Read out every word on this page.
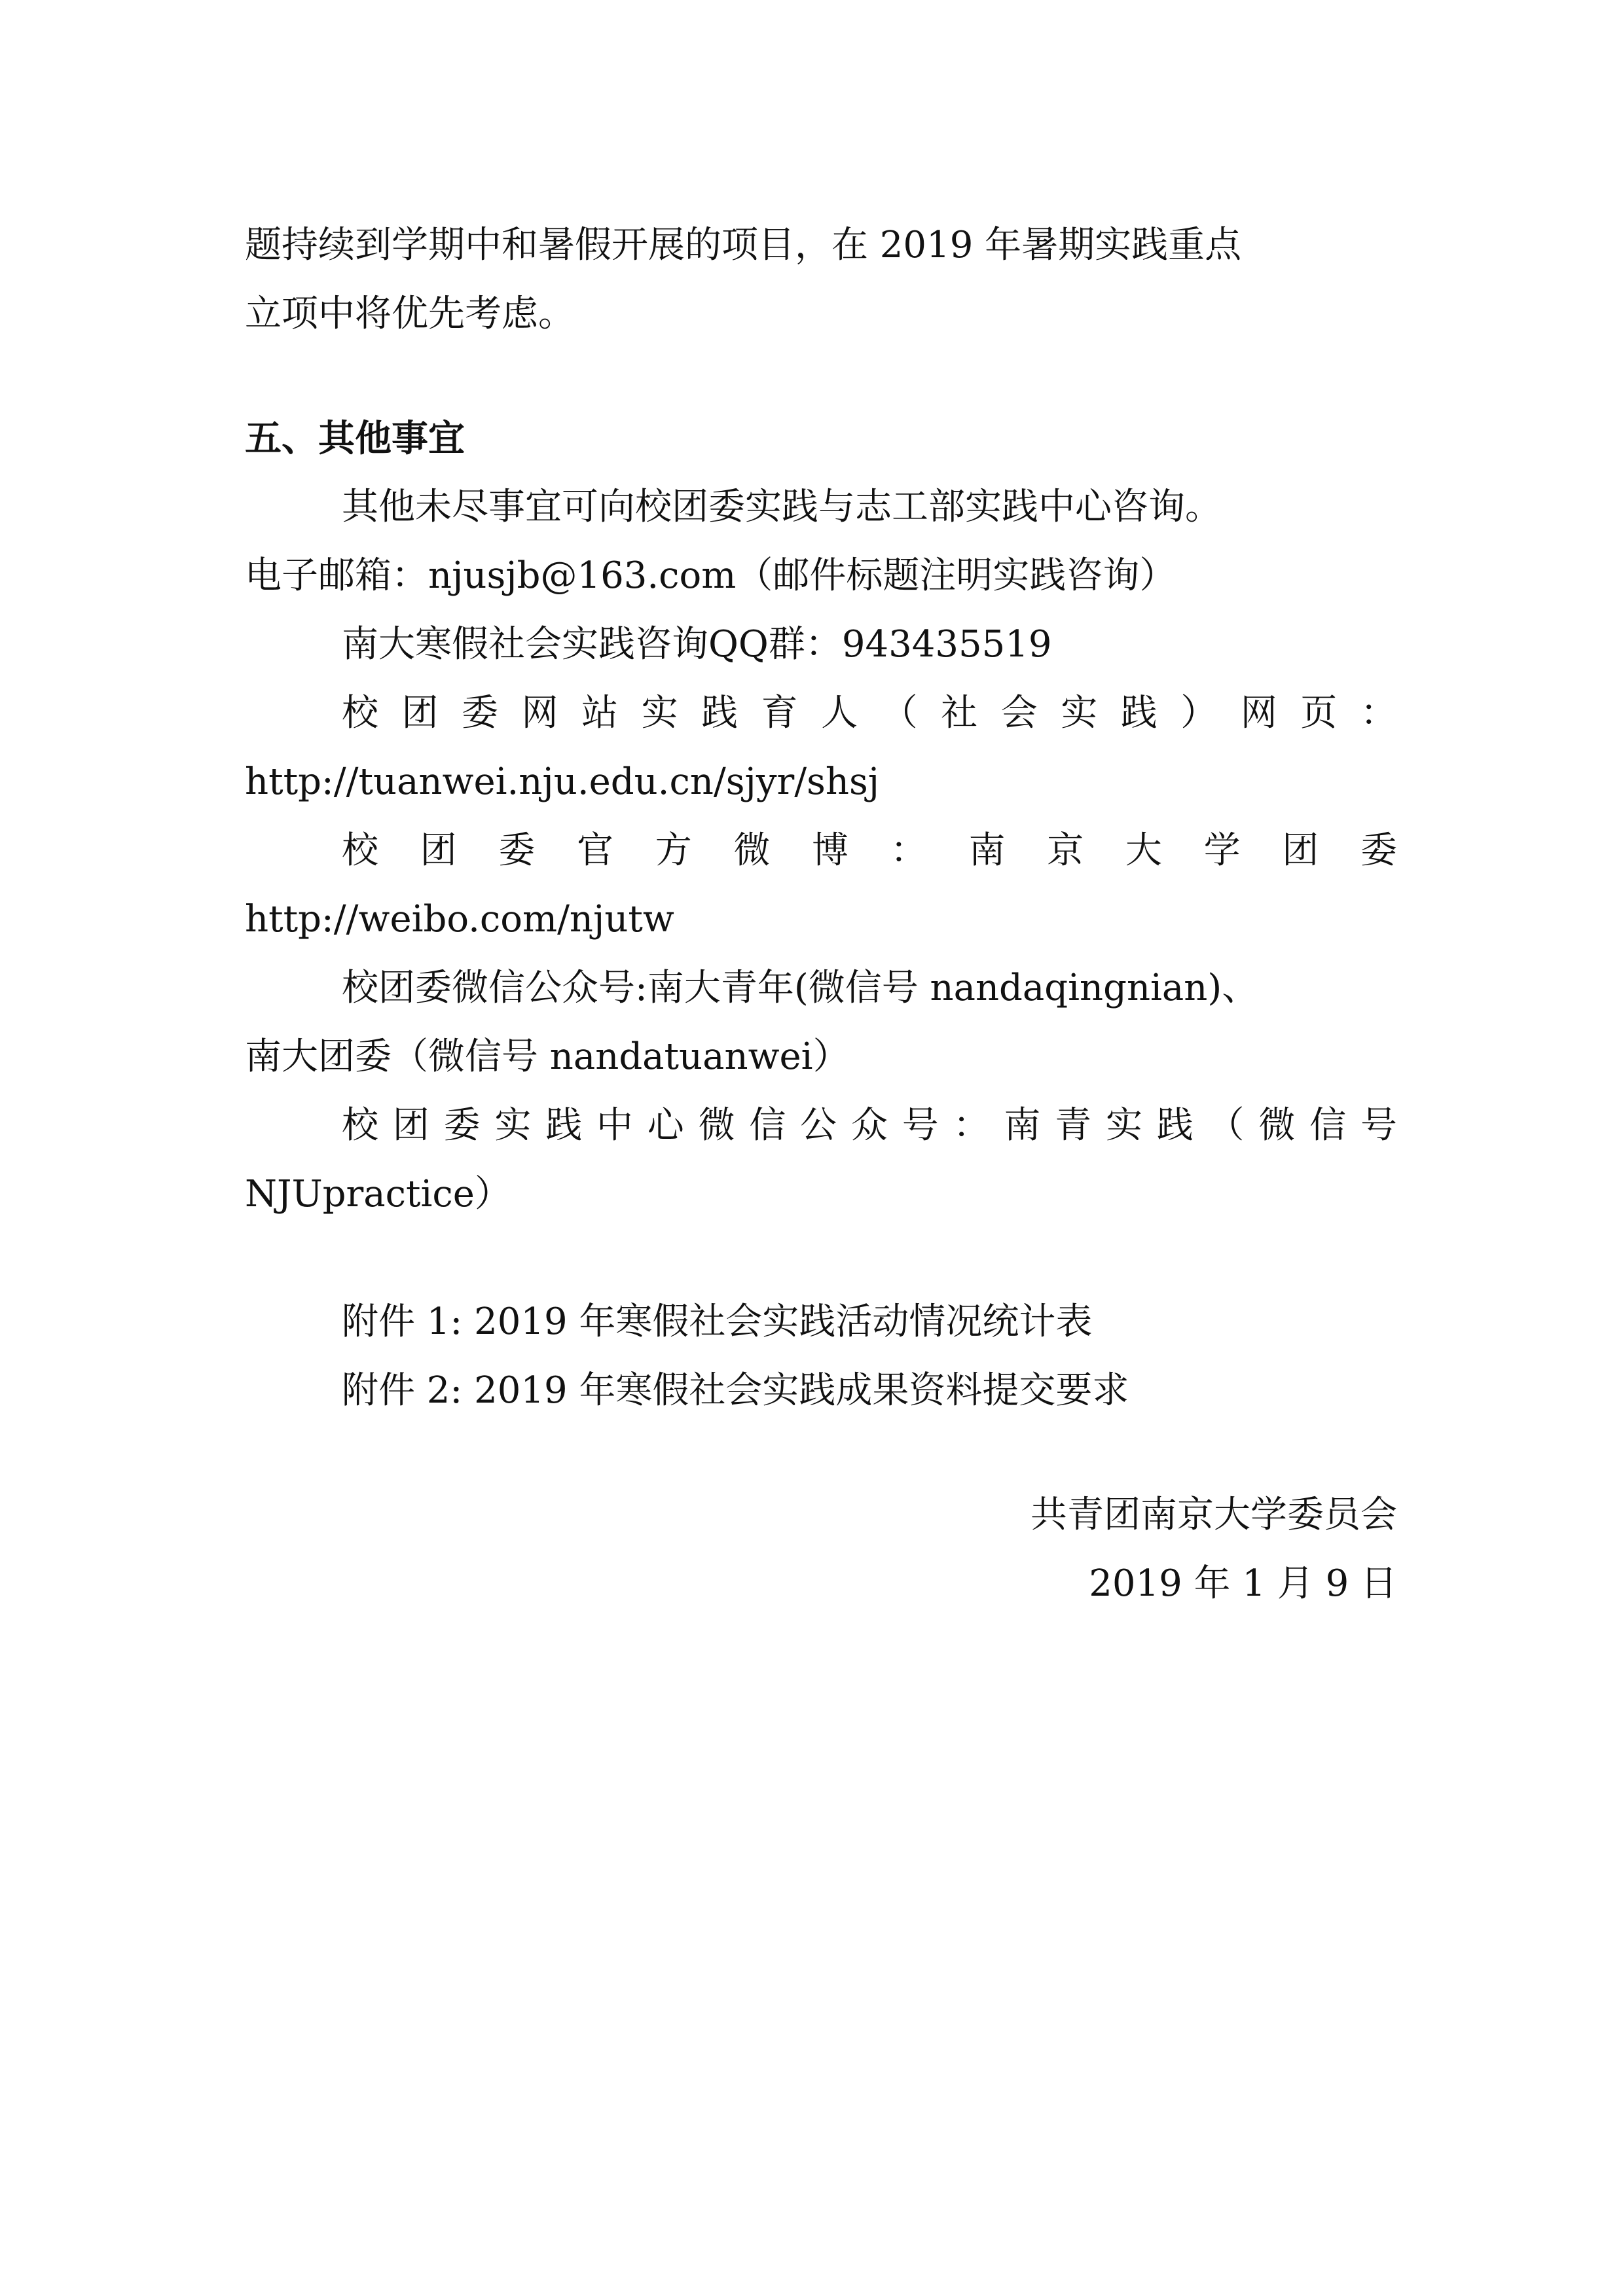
题持续到学期中和暑假开展的项目，在 2019 年暑期实践重点
立项中将优先考虑。
五、其他事宜
其他未尽事宜可向校团委实践与志工部实践中心咨询。
电子邮箱：njusjb@163.com（邮件标题注明实践咨询）
南大寒假社会实践咨询QQ群：943435519
校 团 委 网 站 实 践 育 人 （ 社 会 实 践 ） 网 页 ：
http://tuanwei.nju.edu.cn/sjyr/shsj
校 团 委 官 方 微 博 ： 南 京 大 学 团 委
http://weibo.com/njutw
校团委微信公众号:南大青年(微信号 nandaqingnian)、
南大团委（微信号 nandatuanwei）
校 团 委 实 践 中 心 微 信 公 众 号 ： 南 青 实 践 （ 微 信 号
NJUpractice）
附件 1: 2019 年寒假社会实践活动情况统计表
附件 2: 2019 年寒假社会实践成果资料提交要求
共青团南京大学委员会
2019 年 1 月 9 日
